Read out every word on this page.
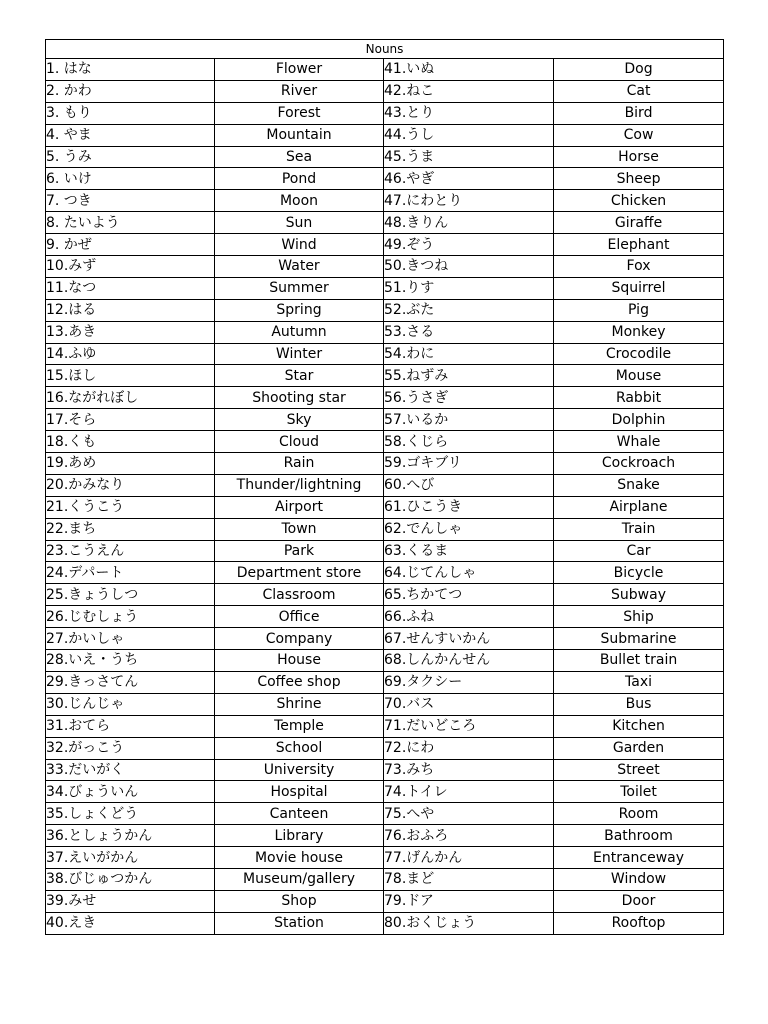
Nouns			
1. はな	Flower	41.いぬ	Dog
2. かわ	River	42.ねこ	Cat
3. もり	Forest	43.とり	Bird
4. やま	Mountain	44.うし	Cow
5. うみ	Sea	45.うま	Horse
6. いけ	Pond	46.やぎ	Sheep
7. つき	Moon	47.にわとり	Chicken
8. たいよう	Sun	48.きりん	Giraffe
9. かぜ	Wind	49.ぞう	Elephant
10.みず	Water	50.きつね	Fox
11.なつ	Summer	51.りす	Squirrel
12.はる	Spring	52.ぶた	Pig
13.あき	Autumn	53.さる	Monkey
14.ふゆ	Winter	54.わに	Crocodile
15.ほし	Star	55.ねずみ	Mouse
16.ながれぼし	Shooting star	56.うさぎ	Rabbit
17.そら	Sky	57.いるか	Dolphin
18.くも	Cloud	58.くじら	Whale
19.あめ	Rain	59.ゴキブリ	Cockroach
20.かみなり	Thunder/lightning	60.へび	Snake
21.くうこう	Airport	61.ひこうき	Airplane
22.まち	Town	62.でんしゃ	Train
23.こうえん	Park	63.くるま	Car
24.デパート	Department store	64.じてんしゃ	Bicycle
25.きょうしつ	Classroom	65.ちかてつ	Subway
26.じむしょう	Office	66.ふね	Ship
27.かいしゃ	Company	67.せんすいかん	Submarine
28.いえ・うち	House	68.しんかんせん	Bullet train
29.きっさてん	Coffee shop	69.タクシー	Taxi
30.じんじゃ	Shrine	70.バス	Bus
31.おてら	Temple	71.だいどころ	Kitchen
32.がっこう	School	72.にわ	Garden
33.だいがく	University	73.みち	Street
34.びょういん	Hospital	74.トイレ	Toilet
35.しょくどう	Canteen	75.へや	Room
36.としょうかん	Library	76.おふろ	Bathroom
37.えいがかん	Movie house	77.げんかん	Entranceway
38.びじゅつかん	Museum/gallery	78.まど	Window
39.みせ	Shop	79.ドア	Door
40.えき	Station	80.おくじょう	Rooftop
